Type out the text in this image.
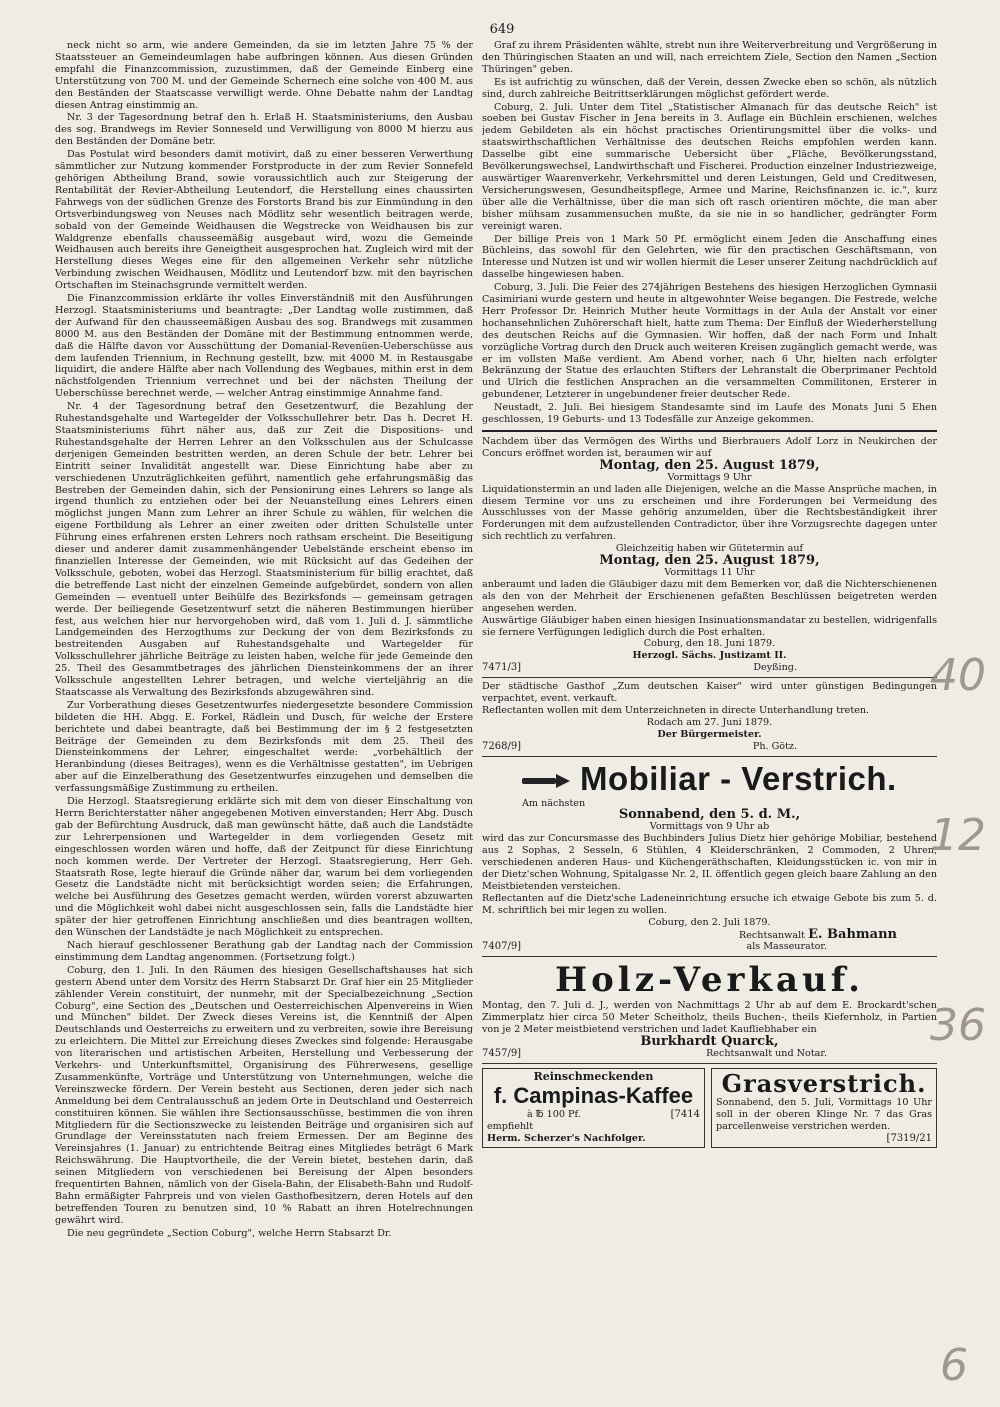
649

neck nicht so arm, wie andere Gemeinden, da sie im letzten Jahre 75 % der Staatssteuer an Gemeindeumlagen habe aufbringen können. Aus diesen Gründen empfahl die Finanzcommission, zuzustimmen, daß der Gemeinde Einberg eine Unterstützung von 700 M. und der Gemeinde Schernech eine solche von 400 M. aus den Beständen der Staatscasse verwilligt werde. Ohne Debatte nahm der Landtag diesen Antrag einstimmig an.

Nr. 3 der Tagesordnung betraf den h. Erlaß H. Staatsministeriums, den Ausbau des sog. Brandwegs im Revier Sonneseld und Verwilligung von 8000 M hierzu aus den Beständen der Domäne betr.

Das Postulat wird besonders damit motivirt, daß zu einer besseren Verwerthung sämmtlicher zur Nutzung kommender Forstproducte in der zum Revier Sonnefeld gehörigen Abtheilung Brand, sowie voraussichtlich auch zur Steigerung der Rentabilität der Revier-Abtheilung Leutendorf, die Herstellung eines chaussirten Fahrwegs von der südlichen Grenze des Forstorts Brand bis zur Einmündung in den Ortsverbindungsweg von Neuses nach Mödlitz sehr wesentlich beitragen werde, sobald von der Gemeinde Weidhausen die Wegstrecke von Weidhausen bis zur Waldgrenze ebenfalls chausseemäßig ausgebaut wird, wozu die Gemeinde Weidhausen auch bereits ihre Geneigtheit ausgesprochen hat. Zugleich wird mit der Herstellung dieses Weges eine für den allgemeinen Verkehr sehr nützliche Verbindung zwischen Weidhausen, Mödlitz und Leutendorf bzw. mit den bayrischen Ortschaften im Steinachsgrunde vermittelt werden.

Die Finanzcommission erklärte ihr volles Einverständniß mit den Ausführungen Herzogl. Staatsministeriums und beantragte: „Der Landtag wolle zustimmen, daß der Aufwand für den chausseemäßigen Ausbau des sog. Brandwegs mit zusammen 8000 M. aus den Beständen der Domäne mit der Bestimmung entnommen werde, daß die Hälfte davon vor Ausschüttung der Domanial-Revenüen-Ueberschüsse aus dem laufenden Triennium, in Rechnung gestellt, bzw. mit 4000 M. in Restausgabe liquidirt, die andere Hälfte aber nach Vollendung des Wegbaues, mithin erst in dem nächstfolgenden Triennium verrechnet und bei der nächsten Theilung der Ueberschüsse berechnet werde, — welcher Antrag einstimmige Annahme fand.

Nr. 4 der Tagesordnung betraf den Gesetzentwurf, die Bezahlung der Ruhestandsgehalte und Wartegelder der Volksschullehrer betr. Das h. Decret H. Staatsministeriums führt näher aus, daß zur Zeit die Dispositions- und Ruhestandsgehalte der Herren Lehrer an den Volksschulen aus der Schulcasse derjenigen Gemeinden bestritten werden, an deren Schule der betr. Lehrer bei Eintritt seiner Invalidität angestellt war. Diese Einrichtung habe aber zu verschiedenen Unzuträglichkeiten geführt, namentlich gehe erfahrungsmäßig das Bestreben der Gemeinden dahin, sich der Pensionirung eines Lehrers so lange als irgend thunlich zu entziehen oder bei der Neuanstellung eines Lehrers einen möglichst jungen Mann zum Lehrer an ihrer Schule zu wählen, für welchen die eigene Fortbildung als Lehrer an einer zweiten oder dritten Schulstelle unter Führung eines erfahrenen ersten Lehrers noch rathsam erscheint. Die Beseitigung dieser und anderer damit zusammenhängender Uebelstände erscheint ebenso im finanziellen Interesse der Gemeinden, wie mit Rücksicht auf das Gedeihen der Volksschule, geboten, wobei das Herzogl. Staatsministerium für billig erachtet, daß die betreffende Last nicht der einzelnen Gemeinde aufgebürdet, sondern von allen Gemeinden — eventuell unter Beihülfe des Bezirksfonds — gemeinsam getragen werde. Der beiliegende Gesetzentwurf setzt die näheren Bestimmungen hierüber fest, aus welchen hier nur hervorgehoben wird, daß vom 1. Juli d. J. sämmtliche Landgemeinden des Herzogthums zur Deckung der von dem Bezirksfonds zu bestreitenden Ausgaben auf Ruhestandsgehalte und Wartegelder für Volksschullehrer jährliche Beiträge zu leisten haben, welche für jede Gemeinde den 25. Theil des Gesammtbetrages des jährlichen Diensteinkommens der an ihrer Volksschule angestellten Lehrer betragen, und welche vierteljährig an die Staatscasse als Verwaltung des Bezirksfonds abzugewähren sind.

Zur Vorberathung dieses Gesetzentwurfes niedergesetzte besondere Commission bildeten die HH. Abgg. E. Forkel, Rädlein und Dusch, für welche der Erstere berichtete und dabei beantragte, daß bei Bestimmung der im § 2 festgesetzten Beiträge der Gemeinden zu dem Bezirksfonds mit dem 25. Theil des Diensteinkommens der Lehrer, eingeschaltet werde: „vorbehältlich der Heranbindung (dieses Beitrages), wenn es die Verhältnisse gestatten", im Uebrigen aber auf die Einzelberathung des Gesetzentwurfes einzugehen und demselben die verfassungsmäßige Zustimmung zu ertheilen.

Die Herzogl. Staatsregierung erklärte sich mit dem von dieser Einschaltung von Herrn Berichterstatter näher angegebenen Motiven einverstanden; Herr Abg. Dusch gab der Befürchtung Ausdruck, daß man gewünscht hätte, daß auch die Landstädte zur Lehrerpensionen und Wartegelder in dem vorliegenden Gesetz mit eingeschlossen worden wären und hoffe, daß der Zeitpunct für diese Einrichtung noch kommen werde. Der Vertreter der Herzogl. Staatsregierung, Herr Geh. Staatsrath Rose, legte hierauf die Gründe näher dar, warum bei dem vorliegenden Gesetz die Landstädte nicht mit berücksichtigt worden seien; die Erfahrungen, welche bei Ausführung des Gesetzes gemacht werden, würden vorerst abzuwarten und die Möglichkeit wohl dabei nicht ausgeschlossen sein, falls die Landstädte hier später der hier getroffenen Einrichtung anschließen und dies beantragen wollten, den Wünschen der Landstädte je nach Möglichkeit zu entsprechen.

Nach hierauf geschlossener Berathung gab der Landtag nach der Commission einstimmung dem Landtag angenommen. (Fortsetzung folgt.)

Coburg, den 1. Juli. In den Räumen des hiesigen Gesellschaftshauses hat sich gestern Abend unter dem Vorsitz des Herrn Stabsarzt Dr. Graf hier ein 25 Mitglieder zählender Verein constituirt, der nunmehr, mit der Specialbezeichnung „Section Coburg", eine Section des „Deutschen und Oesterreichischen Alpenvereins in Wien und München" bildet. Der Zweck dieses Vereins ist, die Kenntniß der Alpen Deutschlands und Oesterreichs zu erweitern und zu verbreiten, sowie ihre Bereisung zu erleichtern. Die Mittel zur Erreichung dieses Zweckes sind folgende: Herausgabe von literarischen und artistischen Arbeiten, Herstellung und Verbesserung der Verkehrs- und Unterkunftsmittel, Organisirung des Führerwesens, gesellige Zusammenkünfte, Vorträge und Unterstützung von Unternehmungen, welche die Vereinszwecke fördern. Der Verein besteht aus Sectionen, deren jeder sich nach Anmeldung bei dem Centralausschuß an jedem Orte in Deutschland und Oesterreich constituiren können. Sie wählen ihre Sectionsausschüsse, bestimmen die von ihren Mitgliedern für die Sectionszwecke zu leistenden Beiträge und organisiren sich auf Grundlage der Vereinsstatuten nach freiem Ermessen. Der am Beginne des Vereinsjahres (1. Januar) zu entrichtende Beitrag eines Mitgliedes beträgt 6 Mark Reichswährung. Die Hauptvortheile, die der Verein bietet, bestehen darin, daß seinen Mitgliedern von verschiedenen bei Bereisung der Alpen besonders frequentirten Bahnen, nämlich von der Gisela-Bahn, der Elisabeth-Bahn und Rudolf-Bahn ermäßigter Fahrpreis und von vielen Gasthofbesitzern, deren Hotels auf den betreffenden Touren zu benutzen sind, 10 % Rabatt an ihren Hotelrechnungen gewährt wird.

Die neu gegründete „Section Coburg", welche Herrn Stabsarzt Dr.

Graf zu ihrem Präsidenten wählte, strebt nun ihre Weiterverbreitung und Vergrößerung in den Thüringischen Staaten an und will, nach erreichtem Ziele, Section den Namen „Section Thüringen" geben.

Es ist aufrichtig zu wünschen, daß der Verein, dessen Zwecke eben so schön, als nützlich sind, durch zahlreiche Beitrittserklärungen möglichst gefördert werde.

Coburg, 2. Juli. Unter dem Titel „Statistischer Almanach für das deutsche Reich" ist soeben bei Gustav Fischer in Jena bereits in 3. Auflage ein Büchlein erschienen, welches jedem Gebildeten als ein höchst practisches Orientirungsmittel über die volks- und staatswirthschaftlichen Verhältnisse des deutschen Reichs empfohlen werden kann. Dasselbe gibt eine summarische Uebersicht über „Fläche, Bevölkerungsstand, Bevölkerungswechsel, Landwirthschaft und Fischerei. Production einzelner Industriezweige, auswärtiger Waarenverkehr, Verkehrsmittel und deren Leistungen, Geld und Creditwesen, Versicherungswesen, Gesundheitspflege, Armee und Marine, Reichsfinanzen ic. ic.", kurz über alle die Verhältnisse, über die man sich oft rasch orientiren möchte, die man aber bisher mühsam zusammensuchen mußte, da sie nie in so handlicher, gedrängter Form vereinigt waren.

Der billige Preis von 1 Mark 50 Pf. ermöglicht einem Jeden die Anschaffung eines Büchleins, das sowohl für den Gelehrten, wie für den practischen Geschäftsmann, von Interesse und Nutzen ist und wir wollen hiermit die Leser unserer Zeitung nachdrücklich auf dasselbe hingewiesen haben.

Coburg, 3. Juli. Die Feier des 274jährigen Bestehens des hiesigen Herzoglichen Gymnasii Casimiriani wurde gestern und heute in altgewohnter Weise begangen. Die Festrede, welche Herr Professor Dr. Heinrich Muther heute Vormittags in der Aula der Anstalt vor einer hochansehnlichen Zuhörerschaft hielt, hatte zum Thema: Der Einfluß der Wiederherstellung des deutschen Reichs auf die Gymnasien. Wir hoffen, daß der nach Form und Inhalt vorzügliche Vortrag durch den Druck auch weiteren Kreisen zugänglich gemacht werde, was er im vollsten Maße verdient. Am Abend vorher, nach 6 Uhr, hielten nach erfolgter Bekränzung der Statue des erlauchten Stifters der Lehranstalt die Oberprimaner Pechtold und Ulrich die festlichen Ansprachen an die versammelten Commilitonen, Ersterer in gebundener, Letzterer in ungebundener freier deutscher Rede.

Neustadt, 2. Juli. Bei hiesigem Standesamte sind im Laufe des Monats Juni 5 Ehen geschlossen, 19 Geburts- und 13 Todesfälle zur Anzeige gekommen.

Nachdem über das Vermögen des Wirths und Bierbrauers Adolf Lorz in Neukirchen der Concurs eröffnet worden ist, beraumen wir auf

Montag, den 25. August 1879,
Vormittags 9 Uhr

Liquidationstermin an und laden alle Diejenigen, welche an die Masse Ansprüche machen, in diesem Termine vor uns zu erscheinen und ihre Forderungen bei Vermeidung des Ausschlusses von der Masse gehörig anzumelden, über die Rechtsbeständigkeit ihrer Forderungen mit dem aufzustellenden Contradictor, über ihre Vorzugsrechte dagegen unter sich rechtlich zu verfahren.

Gleichzeitig haben wir Gütetermin auf
Montag, den 25. August 1879,
Vormittags 11 Uhr

anberaumt und laden die Gläubiger dazu mit dem Bemerken vor, daß die Nichterschienenen als den von der Mehrheit der Erschienenen gefaßten Beschlüssen beigetreten werden angesehen werden.

Auswärtige Gläubiger haben einen hiesigen Insinuationsmandatar zu bestellen, widrigenfalls sie fernere Verfügungen lediglich durch die Post erhalten.

Coburg, den 18. Juni 1879.
Herzogl. Sächs. Justizamt II.
7471/3]	Deyßing.

Der städtische Gasthof „Zum deutschen Kaiser" wird unter günstigen Bedingungen verpachtet, event. verkauft.

Reflectanten wollen mit dem Unterzeichneten in directe Unterhandlung treten.

Rodach am 27. Juni 1879.
Der Bürgermeister.
7268/9]	Ph. Götz.
Mobiliar - Verstrich.
Am nächsten
Sonnabend, den 5. d. M.,
Vormittags von 9 Uhr ab

wird das zur Concursmasse des Buchbinders Julius Dietz hier gehörige Mobiliar, bestehend aus 2 Sophas, 2 Sesseln, 6 Stühlen, 4 Kleiderschränken, 2 Commoden, 2 Uhren, verschiedenen anderen Haus- und Küchengeräthschaften, Kleidungsstücken ic. von mir in der Dietz'schen Wohnung, Spitalgasse Nr. 2, II. öffentlich gegen gleich baare Zahlung an den Meistbietenden versteichen.

Reflectanten auf die Dietz'sche Ladeneinrichtung ersuche ich etwaige Gebote bis zum 5. d. M. schriftlich bei mir legen zu wollen.

Coburg, den 2. Juli 1879.
Rechtsanwalt E. Bahmann
7407/9]	als Masseurator.
Holz-Verkauf.

Montag, den 7. Juli d. J., werden von Nachmittags 2 Uhr ab auf dem E. Brockardt'schen Zimmerplatz hier circa 50 Meter Scheitholz, theils Buchen-, theils Kiefernholz, in Partien von je 2 Meter meistbietend verstrichen und ladet Kaufliebhaber ein

Burkhardt Quarck,
7457/9]	Rechtsanwalt und Notar.
Reinschmeckenden
f. Campinas-Kaffee
à ℔ 100 Pf.	[7414
empfiehlt
Herm. Scherzer's Nachfolger.
Grasverstrich.

Sonnabend, den 5. Juli, Vormittags 10 Uhr soll in der oberen Klinge Nr. 7 das Gras parcellenweise verstrichen werden.

[7319/21
40
12
36
6
